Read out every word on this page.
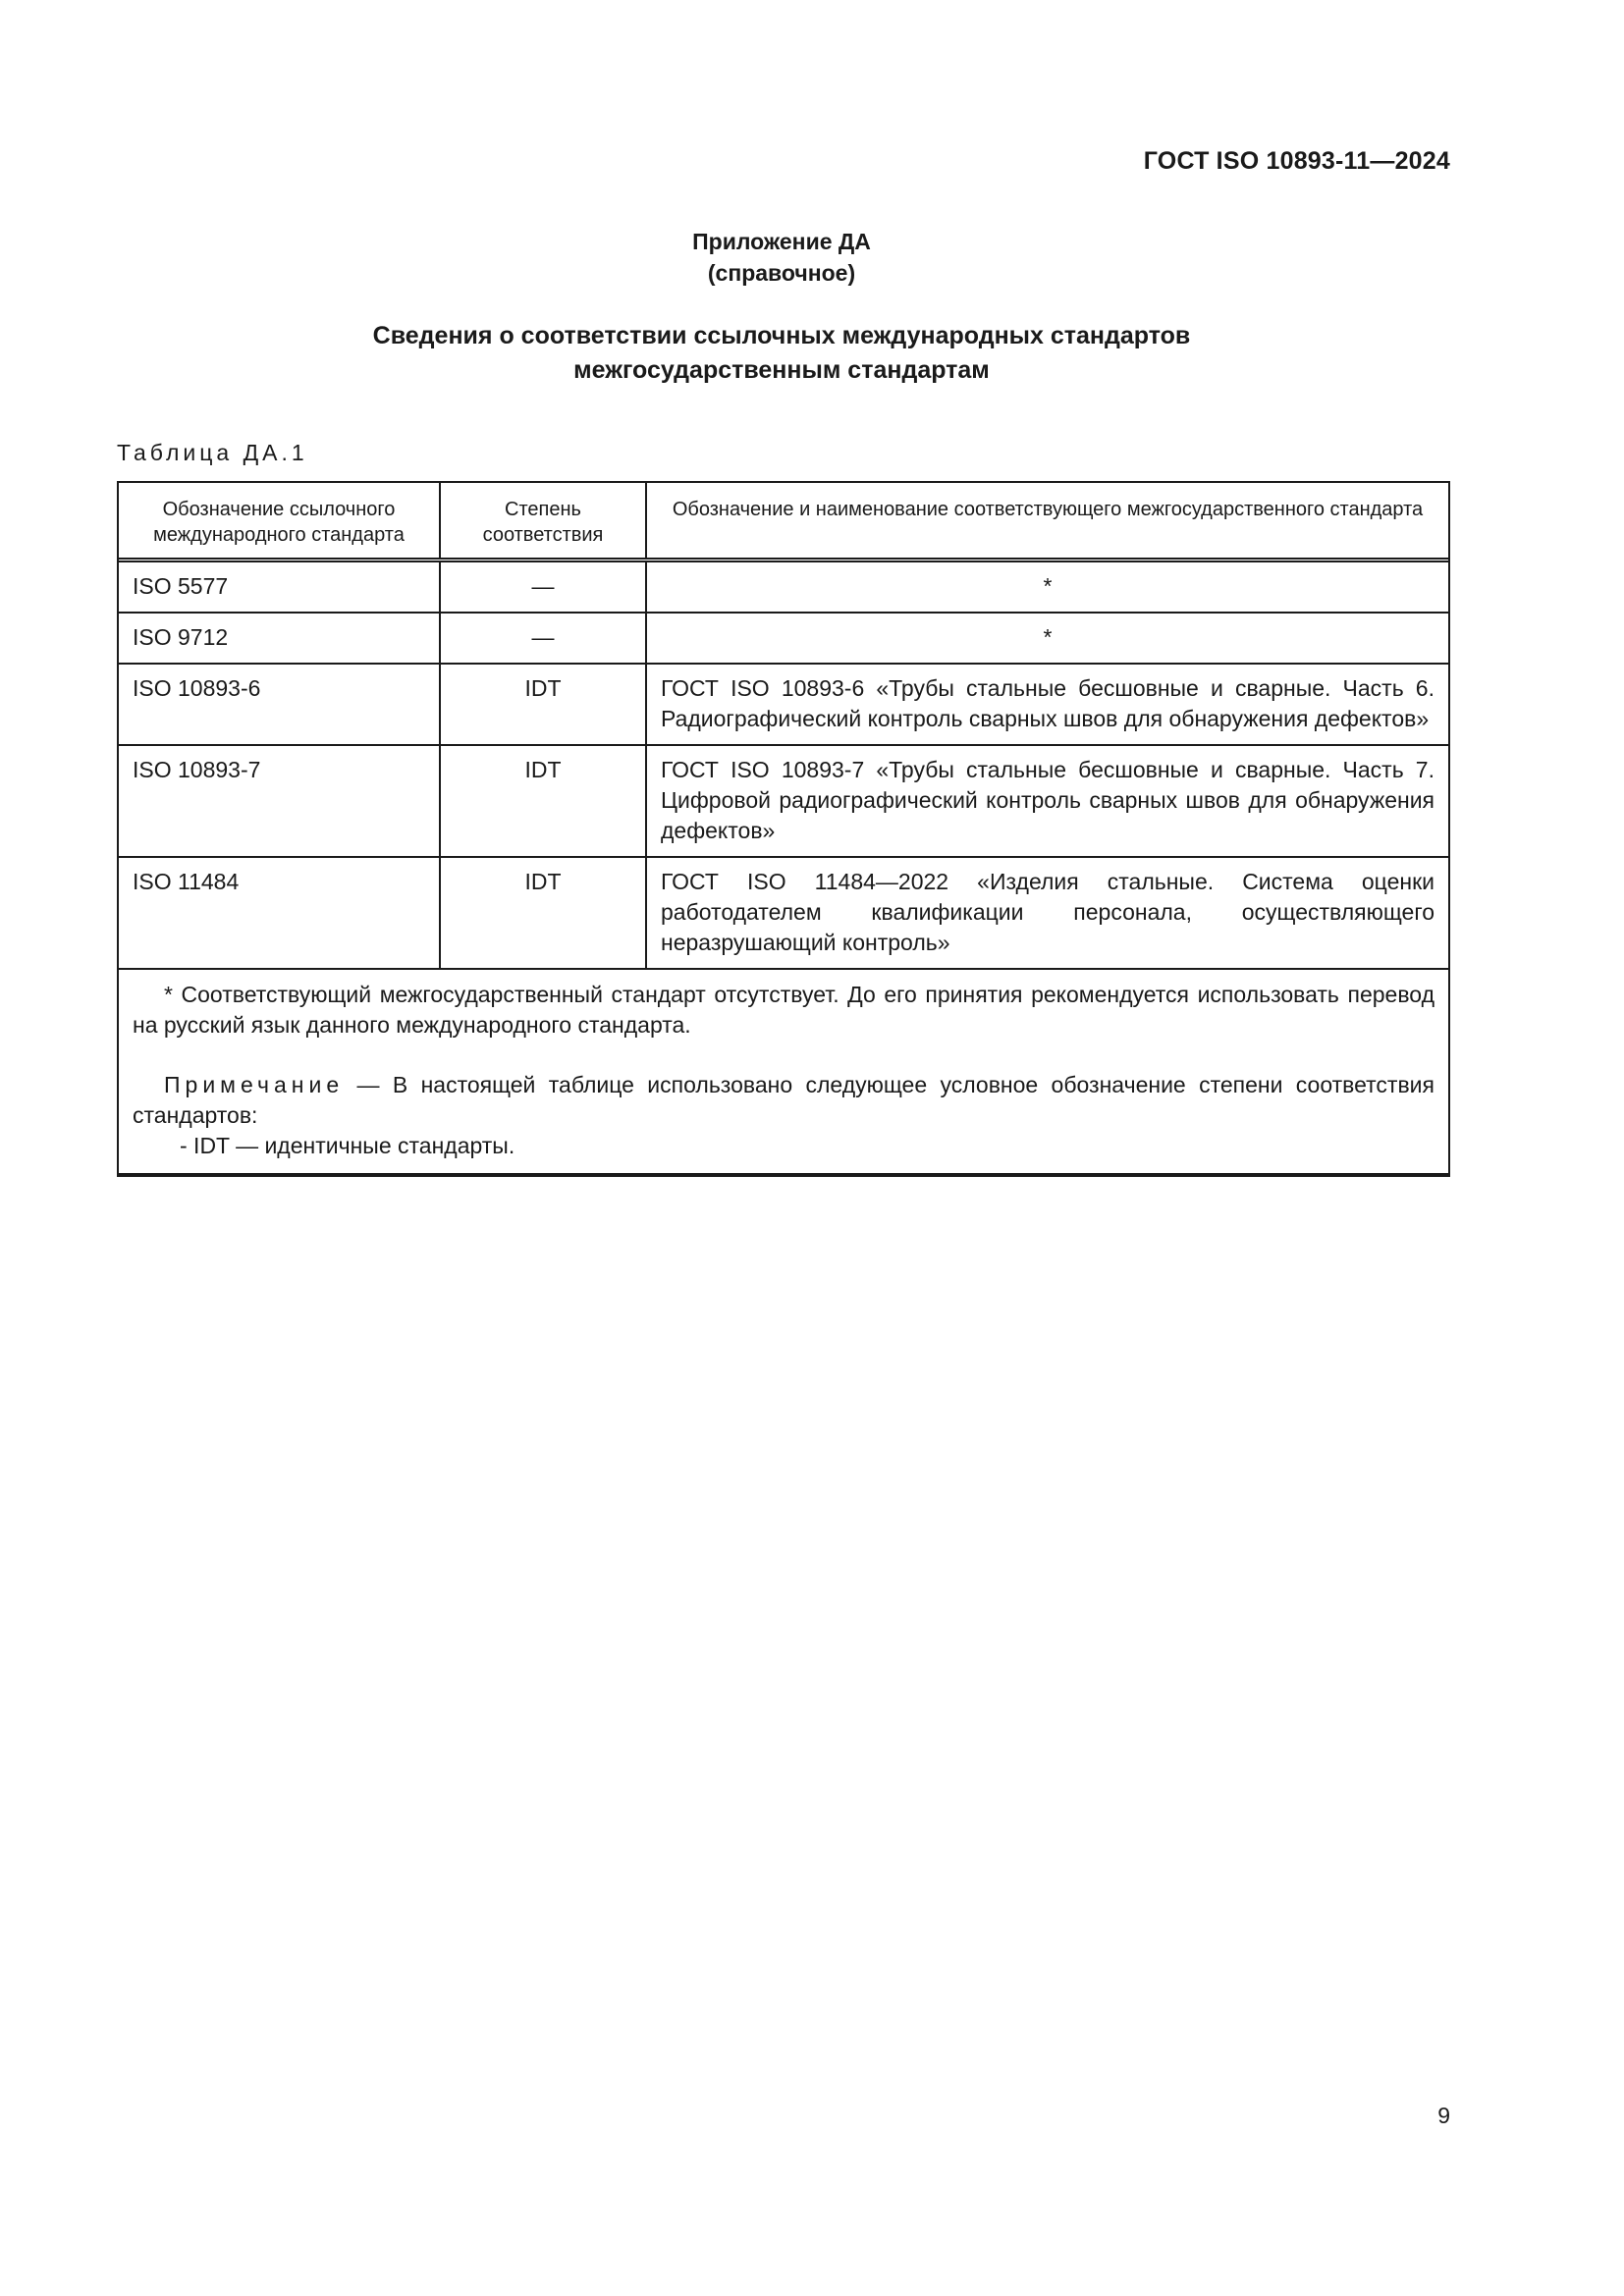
ГОСТ ISO 10893-11—2024
Приложение ДА
(справочное)
Сведения о соответствии ссылочных международных стандартов
межгосударственным стандартам
Таблица ДА.1
Обозначение ссылочного международного стандарта	Степень соответствия	Обозначение и наименование соответствующего межгосударственного стандарта
ISO 5577	—	*
ISO 9712	—	*
ISO 10893-6	IDT	ГОСТ ISO 10893-6 «Трубы стальные бесшовные и сварные. Часть 6. Радиографический контроль сварных швов для обнаружения дефектов»
ISO 10893-7	IDT	ГОСТ ISO 10893-7 «Трубы стальные бесшовные и сварные. Часть 7. Цифровой радиографический контроль сварных швов для обнаружения дефектов»
ISO 11484	IDT	ГОСТ ISO 11484—2022 «Изделия стальные. Система оценки работодателем квалификации персонала, осуществляющего неразрушающий контроль»

* Соответствующий межгосударственный стандарт отсутствует. До его принятия рекомендуется использовать перевод на русский язык данного международного стандарта.

Примечание — В настоящей таблице использовано следующее условное обозначение степени соответствия стандартов:

- IDT — идентичные стандарты.		

9
